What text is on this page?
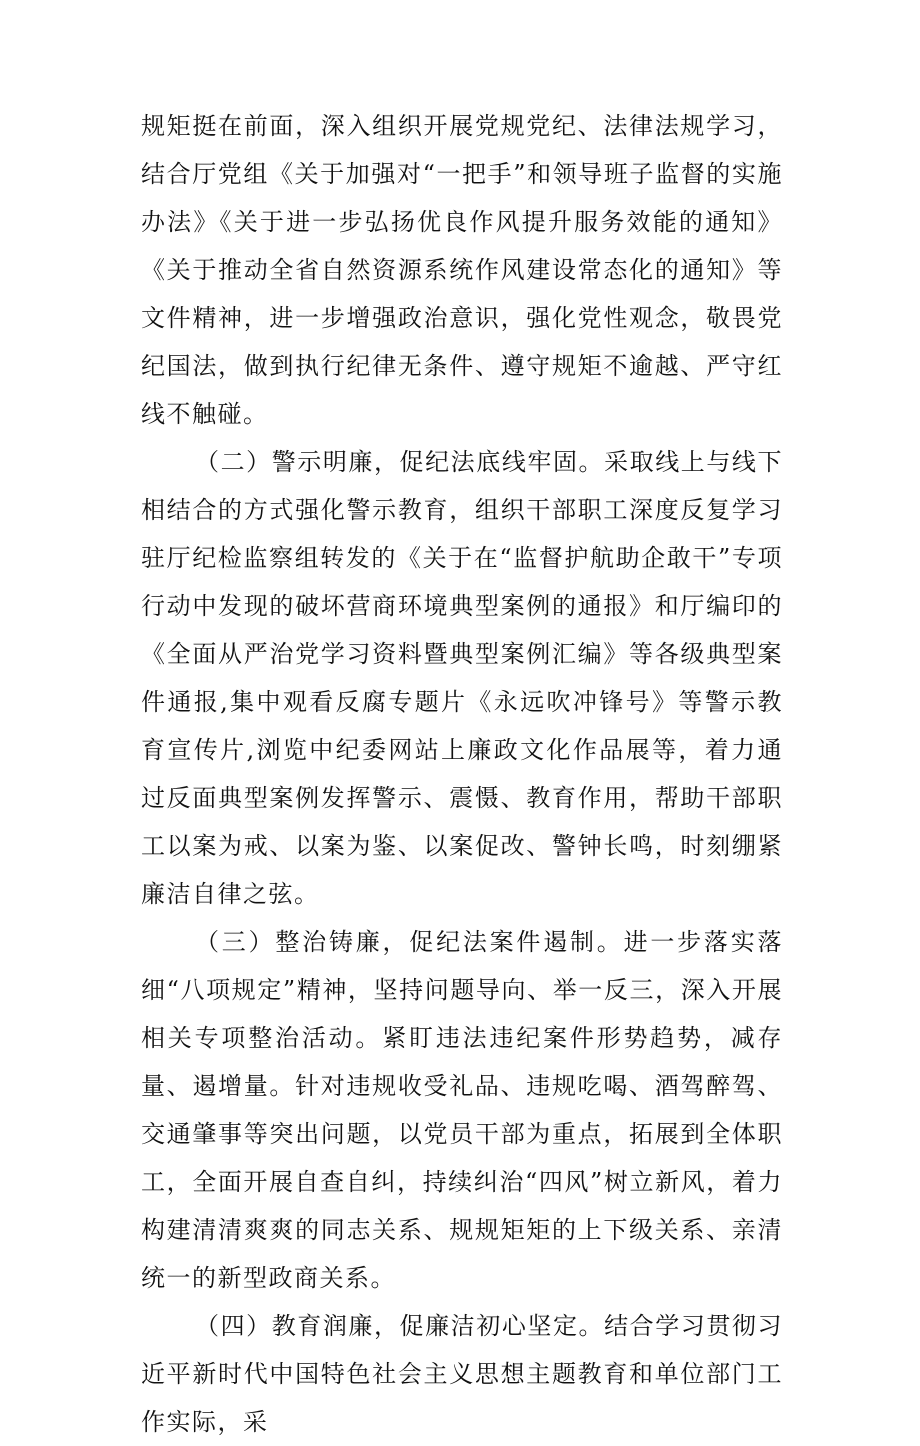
规矩挺在前面，深入组织开展党规党纪、法律法规学习，结合厅党组《关于加强对“一把手”和领导班子监督的实施办法》《关于进一步弘扬优良作风提升服务效能的通知》《关于推动全省自然资源系统作风建设常态化的通知》等文件精神，进一步增强政治意识，强化党性观念，敬畏党纪国法，做到执行纪律无条件、遵守规矩不逾越、严守红线不触碰。

（二）警示明廉，促纪法底线牢固。采取线上与线下相结合的方式强化警示教育，组织干部职工深度反复学习驻厅纪检监察组转发的《关于在“监督护航助企敢干”专项行动中发现的破坏营商环境典型案例的通报》和厅编印的《全面从严治党学习资料暨典型案例汇编》等各级典型案件通报,集中观看反腐专题片《永远吹冲锋号》等警示教育宣传片,浏览中纪委网站上廉政文化作品展等，着力通过反面典型案例发挥警示、震慑、教育作用，帮助干部职工以案为戒、以案为鉴、以案促改、警钟长鸣，时刻绷紧廉洁自律之弦。

（三）整治铸廉，促纪法案件遏制。进一步落实落细“八项规定”精神，坚持问题导向、举一反三，深入开展相关专项整治活动。紧盯违法违纪案件形势趋势，减存量、遏增量。针对违规收受礼品、违规吃喝、酒驾醉驾、交通肇事等突出问题，以党员干部为重点，拓展到全体职工，全面开展自查自纠，持续纠治“四风”树立新风，着力构建清清爽爽的同志关系、规规矩矩的上下级关系、亲清统一的新型政商关系。

（四）教育润廉，促廉洁初心坚定。结合学习贯彻习近平新时代中国特色社会主义思想主题教育和单位部门工作实际，采
